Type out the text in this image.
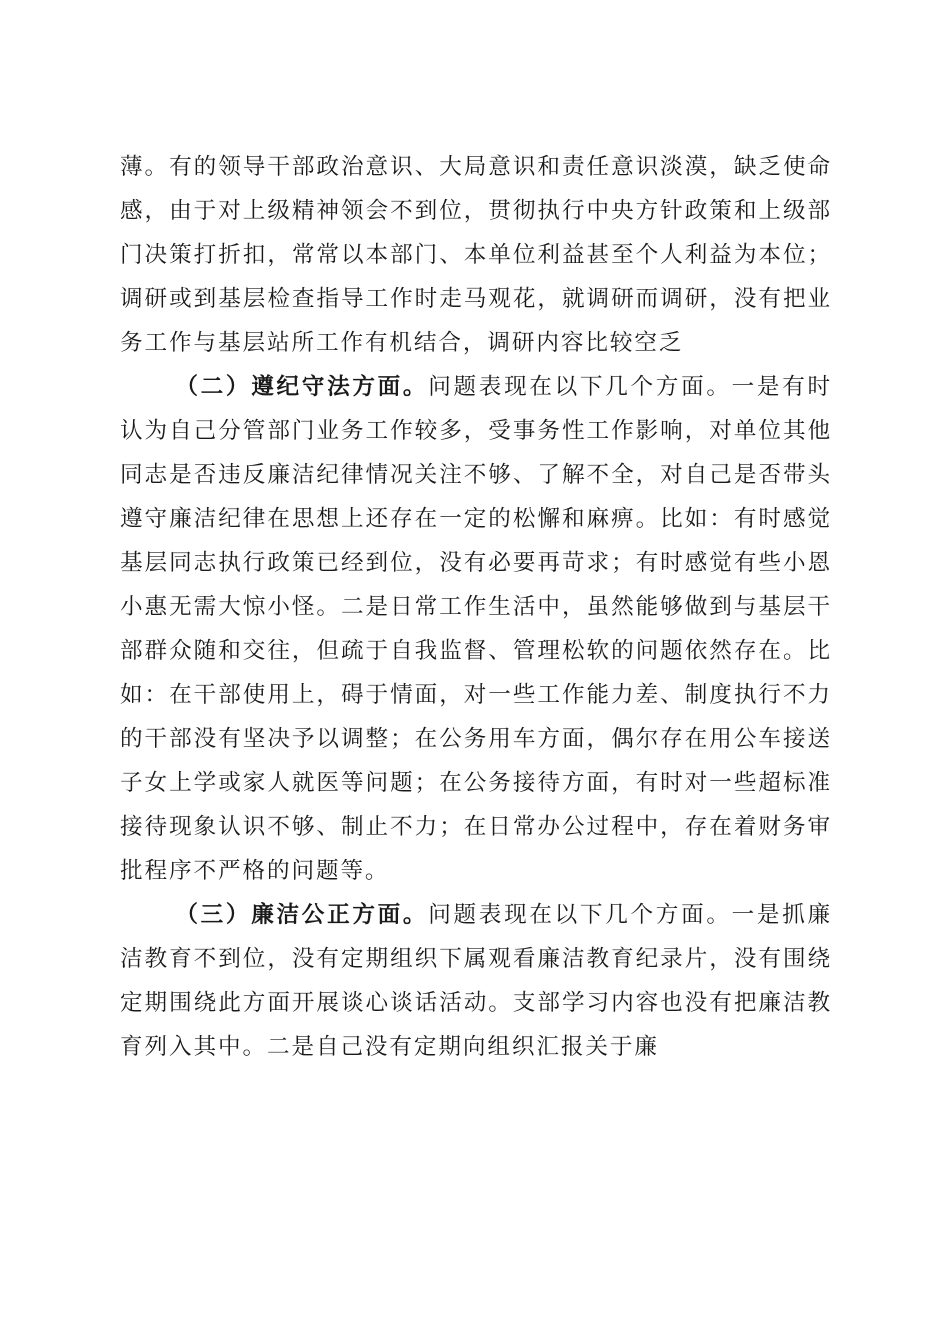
薄。有的领导干部政治意识、大局意识和责任意识淡漠，缺乏使命感，由于对上级精神领会不到位，贯彻执行中央方针政策和上级部门决策打折扣，常常以本部门、本单位利益甚至个人利益为本位；调研或到基层检查指导工作时走马观花，就调研而调研，没有把业务工作与基层站所工作有机结合，调研内容比较空乏

（二）遵纪守法方面。问题表现在以下几个方面。一是有时认为自己分管部门业务工作较多，受事务性工作影响，对单位其他同志是否违反廉洁纪律情况关注不够、了解不全，对自己是否带头遵守廉洁纪律在思想上还存在一定的松懈和麻痹。比如：有时感觉基层同志执行政策已经到位，没有必要再苛求；有时感觉有些小恩小惠无需大惊小怪。二是日常工作生活中，虽然能够做到与基层干部群众随和交往，但疏于自我监督、管理松软的问题依然存在。比如：在干部使用上，碍于情面，对一些工作能力差、制度执行不力的干部没有坚决予以调整；在公务用车方面，偶尔存在用公车接送子女上学或家人就医等问题；在公务接待方面，有时对一些超标准接待现象认识不够、制止不力；在日常办公过程中，存在着财务审批程序不严格的问题等。

（三）廉洁公正方面。问题表现在以下几个方面。一是抓廉洁教育不到位，没有定期组织下属观看廉洁教育纪录片，没有围绕定期围绕此方面开展谈心谈话活动。支部学习内容也没有把廉洁教育列入其中。二是自己没有定期向组织汇报关于廉
